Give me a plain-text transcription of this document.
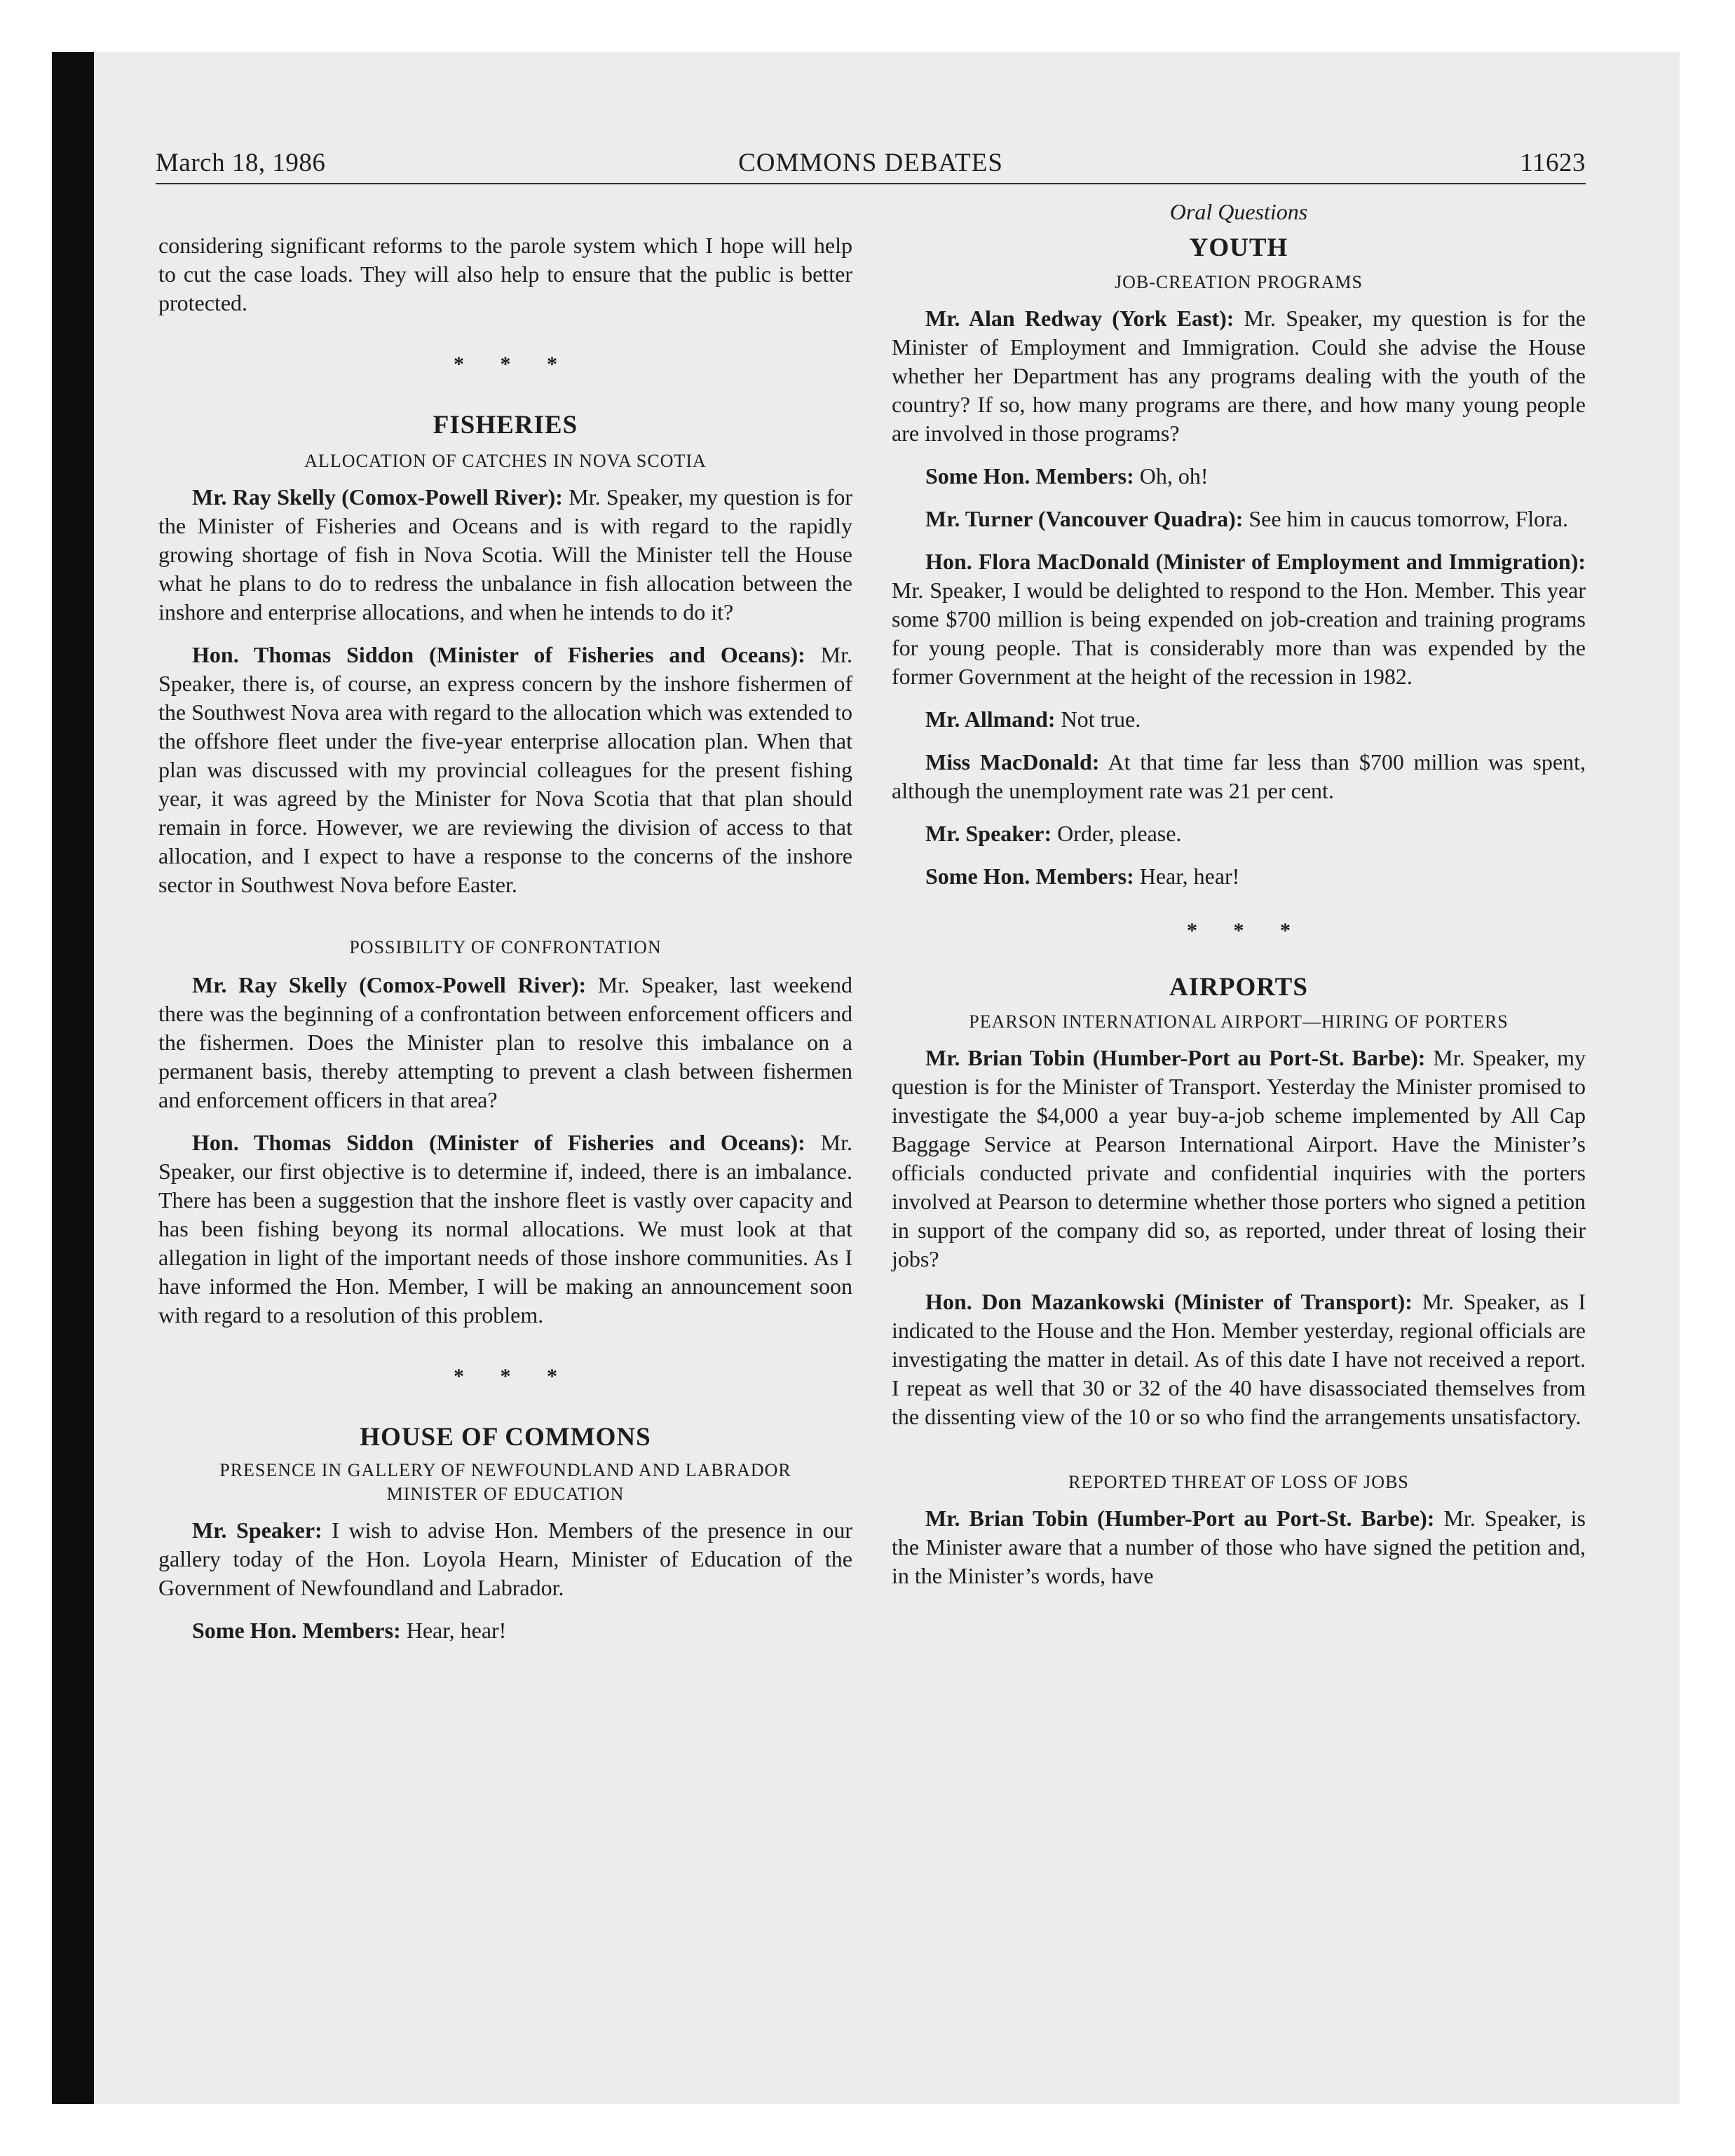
March 18, 1986	COMMONS DEBATES	11623

considering significant reforms to the parole system which I hope will help to cut the case loads. They will also help to ensure that the public is better protected.

* * *
FISHERIES
ALLOCATION OF CATCHES IN NOVA SCOTIA

Mr. Ray Skelly (Comox-Powell River): Mr. Speaker, my question is for the Minister of Fisheries and Oceans and is with regard to the rapidly growing shortage of fish in Nova Scotia. Will the Minister tell the House what he plans to do to redress the unbalance in fish allocation between the inshore and enterprise allocations, and when he intends to do it?

Hon. Thomas Siddon (Minister of Fisheries and Oceans): Mr. Speaker, there is, of course, an express concern by the inshore fishermen of the Southwest Nova area with regard to the allocation which was extended to the offshore fleet under the five-year enterprise allocation plan. When that plan was discussed with my provincial colleagues for the present fishing year, it was agreed by the Minister for Nova Scotia that that plan should remain in force. However, we are reviewing the division of access to that allocation, and I expect to have a response to the concerns of the inshore sector in Southwest Nova before Easter.

POSSIBILITY OF CONFRONTATION

Mr. Ray Skelly (Comox-Powell River): Mr. Speaker, last weekend there was the beginning of a confrontation between enforcement officers and the fishermen. Does the Minister plan to resolve this imbalance on a permanent basis, thereby attempting to prevent a clash between fishermen and enforcement officers in that area?

Hon. Thomas Siddon (Minister of Fisheries and Oceans): Mr. Speaker, our first objective is to determine if, indeed, there is an imbalance. There has been a suggestion that the inshore fleet is vastly over capacity and has been fishing beyong its normal allocations. We must look at that allegation in light of the important needs of those inshore communities. As I have informed the Hon. Member, I will be making an announcement soon with regard to a resolution of this problem.

* * *
HOUSE OF COMMONS
PRESENCE IN GALLERY OF NEWFOUNDLAND AND LABRADOR
MINISTER OF EDUCATION

Mr. Speaker: I wish to advise Hon. Members of the presence in our gallery today of the Hon. Loyola Hearn, Minister of Education of the Government of Newfoundland and Labrador.

Some Hon. Members: Hear, hear!

Oral Questions
YOUTH
JOB-CREATION PROGRAMS

Mr. Alan Redway (York East): Mr. Speaker, my question is for the Minister of Employment and Immigration. Could she advise the House whether her Department has any programs dealing with the youth of the country? If so, how many programs are there, and how many young people are involved in those programs?

Some Hon. Members: Oh, oh!

Mr. Turner (Vancouver Quadra): See him in caucus tomorrow, Flora.

Hon. Flora MacDonald (Minister of Employment and Immigration): Mr. Speaker, I would be delighted to respond to the Hon. Member. This year some $700 million is being expended on job-creation and training programs for young people. That is considerably more than was expended by the former Government at the height of the recession in 1982.

Mr. Allmand: Not true.

Miss MacDonald: At that time far less than $700 million was spent, although the unemployment rate was 21 per cent.

Mr. Speaker: Order, please.

Some Hon. Members: Hear, hear!

* * *
AIRPORTS
PEARSON INTERNATIONAL AIRPORT—HIRING OF PORTERS

Mr. Brian Tobin (Humber-Port au Port-St. Barbe): Mr. Speaker, my question is for the Minister of Transport. Yesterday the Minister promised to investigate the $4,000 a year buy-a-job scheme implemented by All Cap Baggage Service at Pearson International Airport. Have the Minister’s officials conducted private and confidential inquiries with the porters involved at Pearson to determine whether those porters who signed a petition in support of the company did so, as reported, under threat of losing their jobs?

Hon. Don Mazankowski (Minister of Transport): Mr. Speaker, as I indicated to the House and the Hon. Member yesterday, regional officials are investigating the matter in detail. As of this date I have not received a report. I repeat as well that 30 or 32 of the 40 have disassociated themselves from the dissenting view of the 10 or so who find the arrangements unsatisfactory.

REPORTED THREAT OF LOSS OF JOBS

Mr. Brian Tobin (Humber-Port au Port-St. Barbe): Mr. Speaker, is the Minister aware that a number of those who have signed the petition and, in the Minister’s words, have
